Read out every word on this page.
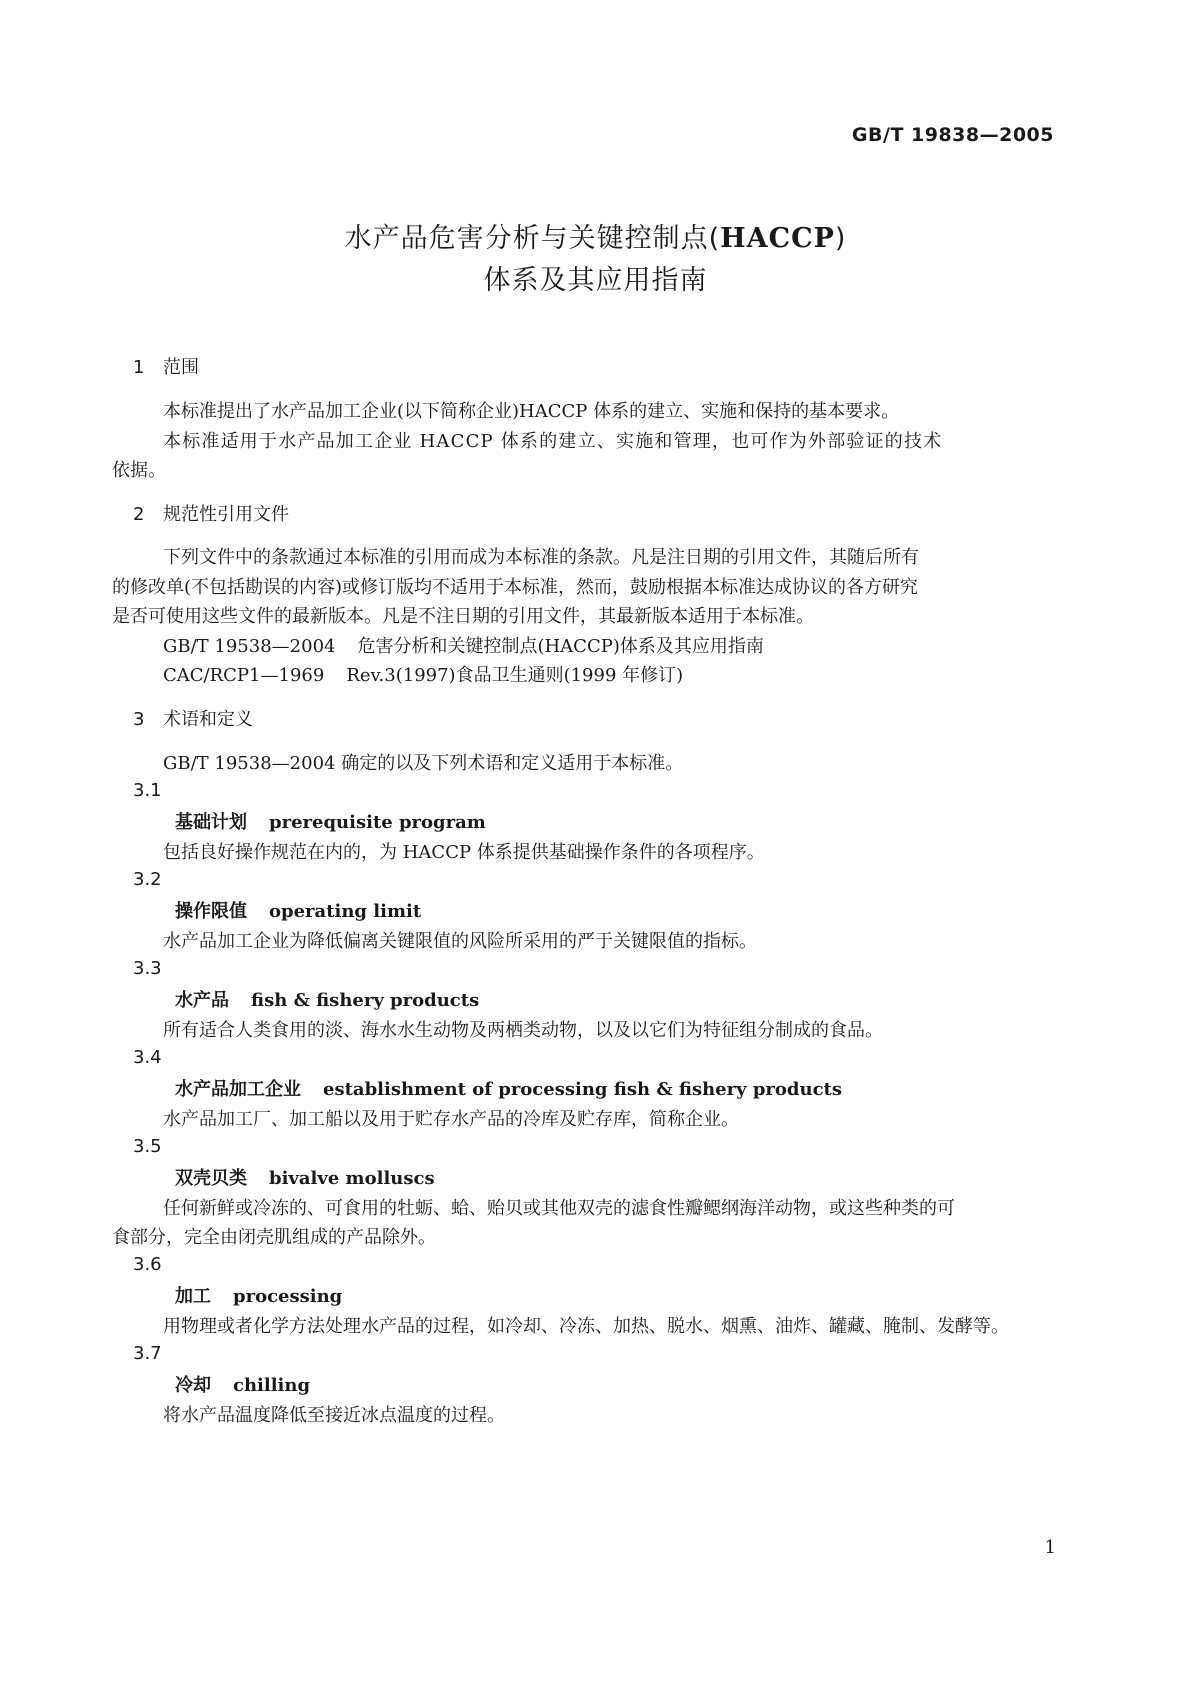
GB/T 19838—2005
水产品危害分析与关键控制点(HACCP)
体系及其应用指南
1 范围
本标准提出了水产品加工企业(以下简称企业)HACCP 体系的建立、实施和保持的基本要求。
本标准适用于水产品加工企业 HACCP 体系的建立、实施和管理，也可作为外部验证的技术
依据。
2 规范性引用文件
下列文件中的条款通过本标准的引用而成为本标准的条款。凡是注日期的引用文件，其随后所有
的修改单(不包括勘误的内容)或修订版均不适用于本标准，然而，鼓励根据本标准达成协议的各方研究
是否可使用这些文件的最新版本。凡是不注日期的引用文件，其最新版本适用于本标准。
GB/T 19538—2004 危害分析和关键控制点(HACCP)体系及其应用指南
CAC/RCP1—1969 Rev.3(1997)食品卫生通则(1999 年修订)
3 术语和定义
GB/T 19538—2004 确定的以及下列术语和定义适用于本标准。
3.1
基础计划 prerequisite program
包括良好操作规范在内的，为 HACCP 体系提供基础操作条件的各项程序。
3.2
操作限值 operating limit
水产品加工企业为降低偏离关键限值的风险所采用的严于关键限值的指标。
3.3
水产品 fish & fishery products
所有适合人类食用的淡、海水水生动物及两栖类动物，以及以它们为特征组分制成的食品。
3.4
水产品加工企业 establishment of processing fish & fishery products
水产品加工厂、加工船以及用于贮存水产品的冷库及贮存库，简称企业。
3.5
双壳贝类 bivalve molluscs
任何新鲜或冷冻的、可食用的牡蛎、蛤、贻贝或其他双壳的滤食性瓣鳃纲海洋动物，或这些种类的可
食部分，完全由闭壳肌组成的产品除外。
3.6
加工 processing
用物理或者化学方法处理水产品的过程，如冷却、冷冻、加热、脱水、烟熏、油炸、罐藏、腌制、发酵等。
3.7
冷却 chilling
将水产品温度降低至接近冰点温度的过程。
1
